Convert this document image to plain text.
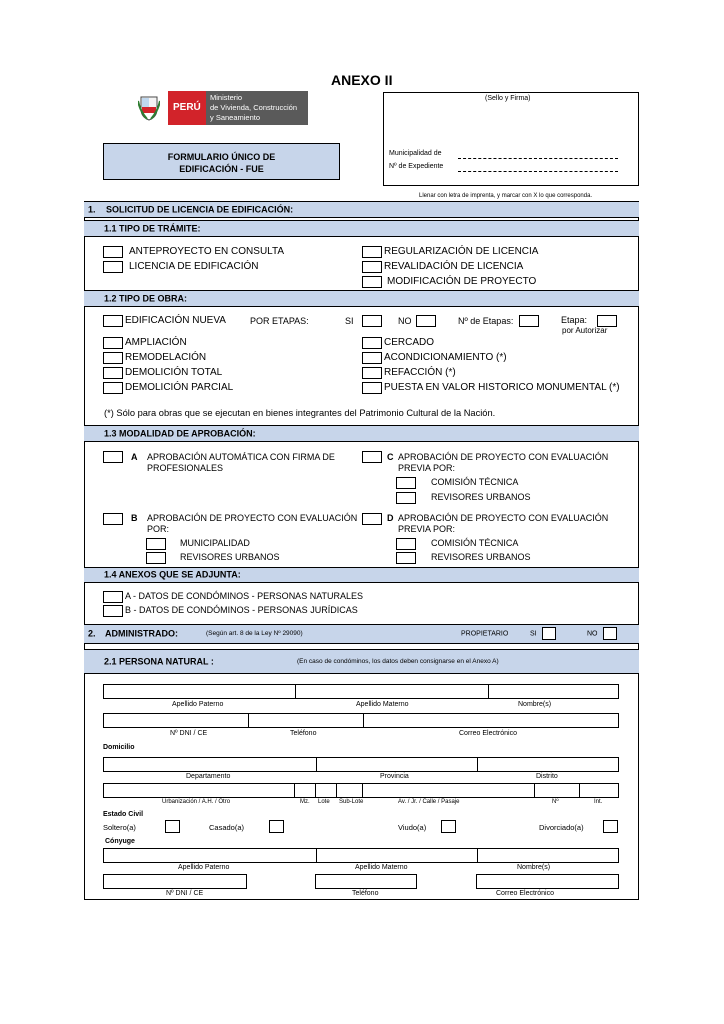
ANEXO II
PERÚ
Ministerio
de Vivienda, Construcción
y Saneamiento
(Sello y Firma)
Municipalidad de
Nº de Expediente
FORMULARIO ÚNICO DE
EDIFICACIÓN - FUE
Llenar con letra de imprenta, y marcar con X lo que corresponda.
1. SOLICITUD DE LICENCIA DE EDIFICACIÓN:
1.1 TIPO DE TRÁMITE:
ANTEPROYECTO EN CONSULTA
LICENCIA DE EDIFICACIÓN
REGULARIZACIÓN DE LICENCIA
REVALIDACIÓN DE LICENCIA
MODIFICACIÓN DE PROYECTO
1.2 TIPO DE OBRA:
EDIFICACIÓN NUEVA	POR ETAPAS:	SI	NO	Nº de Etapas:	Etapa:
por Autorizar
AMPLIACIÓN
REMODELACIÓN
DEMOLICIÓN TOTAL
DEMOLICIÓN PARCIAL
CERCADO
ACONDICIONAMIENTO (*)
REFACCIÓN (*)
PUESTA EN VALOR HISTORICO MONUMENTAL (*)
(*) Sólo para obras que se ejecutan en bienes integrantes del Patrimonio Cultural de la Nación.
1.3 MODALIDAD DE APROBACIÓN:
A APROBACIÓN AUTOMÁTICA CON FIRMA DE
PROFESIONALES
C APROBACIÓN DE PROYECTO CON EVALUACIÓN
PREVIA POR:
COMISIÓN TÉCNICA
REVISORES URBANOS
B APROBACIÓN DE PROYECTO CON EVALUACIÓN
POR:
MUNICIPALIDAD
REVISORES URBANOS
D APROBACIÓN DE PROYECTO CON EVALUACIÓN
PREVIA POR:
COMISIÓN TÉCNICA
REVISORES URBANOS
1.4 ANEXOS QUE SE ADJUNTA:
A - DATOS DE CONDÓMINOS - PERSONAS NATURALES
B - DATOS DE CONDÓMINOS - PERSONAS JURÍDICAS
2. ADMINISTRADO:	(Según art. 8 de la Ley Nº 29090)	PROPIETARIO	SI	NO
2.1 PERSONA NATURAL :	(En caso de condóminos, los datos deben consignarse en el Anexo A)
Apellido Paterno	Apellido Materno	Nombre(s)
Nº DNI / CE	Teléfono	Correo Electrónico
Domicilio
Departamento	Provincia	Distrito
Urbanización / A.H. / Otro	Mz. Lote Sub-Lote	Av. / Jr. / Calle / Pasaje	Nº	Int.
Estado Civil
Soltero(a)	Casado(a)	Viudo(a)	Divorciado(a)
Cónyuge
Apellido Paterno	Apellido Materno	Nombre(s)
Nº DNI / CE	Teléfono	Correo Electrónico
